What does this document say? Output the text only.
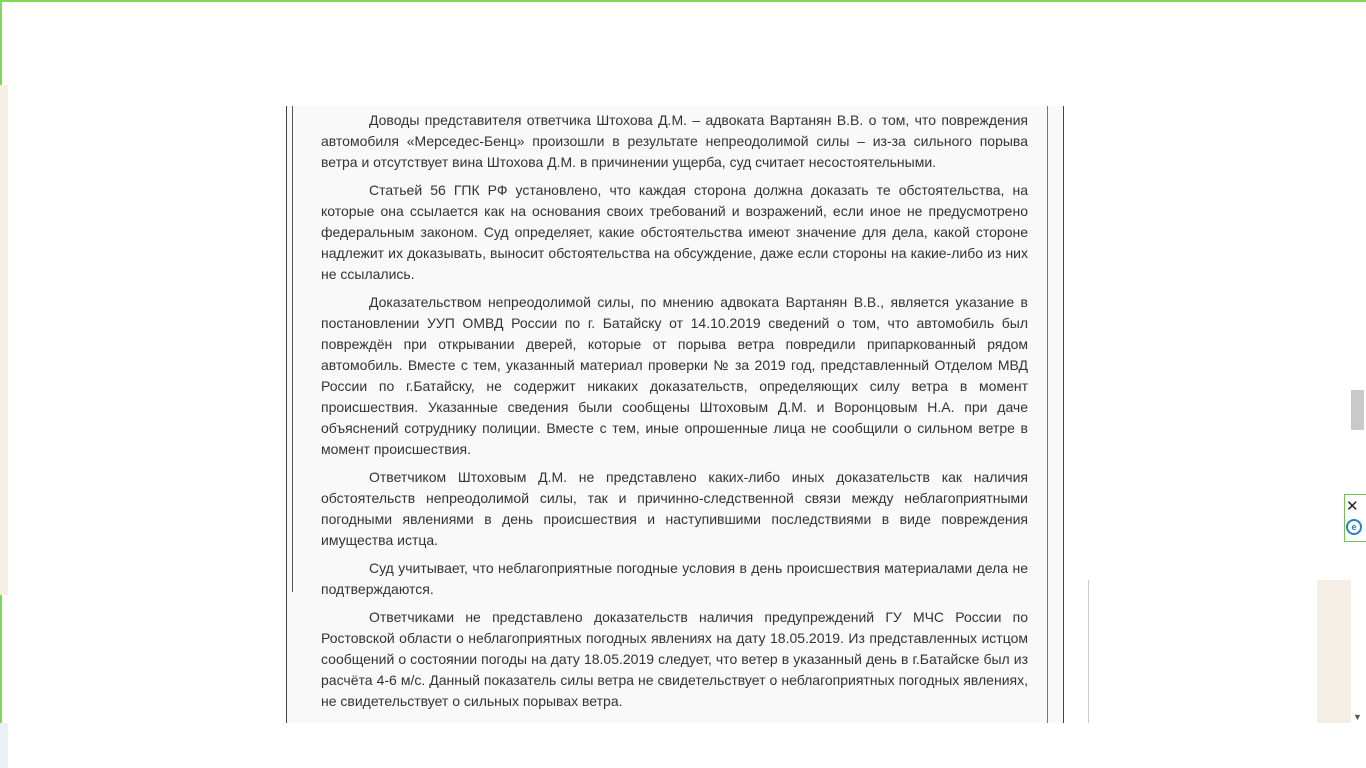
Доводы представителя ответчика Штохова Д.М. – адвоката Вартанян В.В. о том, что повреждения автомобиля «Мерседес-Бенц» произошли в результате непреодолимой силы – из-за сильного порыва ветра и отсутствует вина Штохова Д.М. в причинении ущерба, суд считает несостоятельными.

Статьей 56 ГПК РФ установлено, что каждая сторона должна доказать те обстоятельства, на которые она ссылается как на основания своих требований и возражений, если иное не предусмотрено федеральным законом. Суд определяет, какие обстоятельства имеют значение для дела, какой стороне надлежит их доказывать, выносит обстоятельства на обсуждение, даже если стороны на какие-либо из них не ссылались.

Доказательством непреодолимой силы, по мнению адвоката Вартанян В.В., является указание в постановлении УУП ОМВД России по г. Батайску от 14.10.2019 сведений о том, что автомобиль был повреждён при открывании дверей, которые от порыва ветра повредили припаркованный рядом автомобиль. Вместе с тем, указанный материал проверки № за 2019 год, представленный Отделом МВД России по г.Батайску, не содержит никаких доказательств, определяющих силу ветра в момент происшествия. Указанные сведения были сообщены Штоховым Д.М. и Воронцовым Н.А. при даче объяснений сотруднику полиции. Вместе с тем, иные опрошенные лица не сообщили о сильном ветре в момент происшествия.

Ответчиком Штоховым Д.М. не представлено каких-либо иных доказательств как наличия обстоятельств непреодолимой силы, так и причинно-следственной связи между неблагоприятными погодными явлениями в день происшествия и наступившими последствиями в виде повреждения имущества истца.

Суд учитывает, что неблагоприятные погодные условия в день происшествия материалами дела не подтверждаются.

Ответчиками не представлено доказательств наличия предупреждений ГУ МЧС России по Ростовской области о неблагоприятных погодных явлениях на дату 18.05.2019. Из представленных истцом сообщений о состоянии погоды на дату 18.05.2019 следует, что ветер в указанный день в г.Батайске был из расчёта 4-6 м/с. Данный показатель силы ветра не свидетельствует о неблагоприятных погодных явлениях, не свидетельствует о сильных порывах ветра.

▼
✕
e
